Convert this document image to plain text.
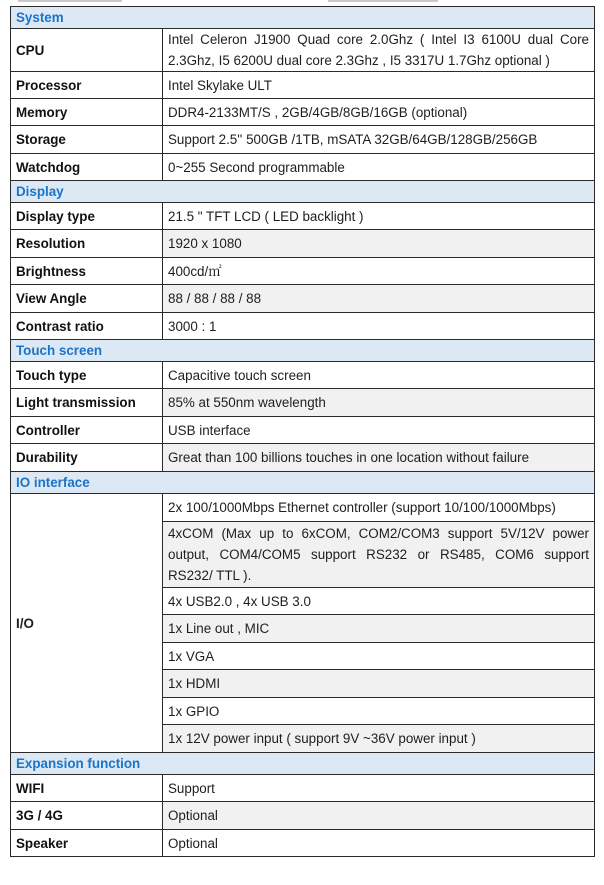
System	
CPU	Intel Celeron J1900 Quad core 2.0Ghz ( Intel I3 6100U dual Core 2.3Ghz, I5 6200U dual core 2.3Ghz , I5 3317U 1.7Ghz optional )
Processor	Intel Skylake ULT
Memory	DDR4-2133MT/S , 2GB/4GB/8GB/16GB (optional)
Storage	Support 2.5'' 500GB /1TB, mSATA 32GB/64GB/128GB/256GB
Watchdog	0~255 Second programmable
Display	
Display type	21.5 " TFT LCD ( LED backlight )
Resolution	1920 x 1080
Brightness	400cd/㎡
View Angle	88 / 88 / 88 / 88
Contrast ratio	3000 : 1
Touch screen	
Touch type	Capacitive touch screen
Light transmission	85% at 550nm wavelength
Controller	USB interface
Durability	Great than 100 billions touches in one location without failure
IO interface	
I/O	2x 100/1000Mbps Ethernet controller (support 10/100/1000Mbps)
	4xCOM (Max up to 6xCOM, COM2/COM3 support 5V/12V power output, COM4/COM5 support RS232 or RS485, COM6 support RS232/ TTL ).
	4x USB2.0 , 4x USB 3.0
	1x Line out , MIC
	1x VGA
	1x HDMI
	1x GPIO
	1x 12V power input ( support 9V ~36V power input )
Expansion function	
WIFI	Support
3G / 4G	Optional
Speaker	Optional
